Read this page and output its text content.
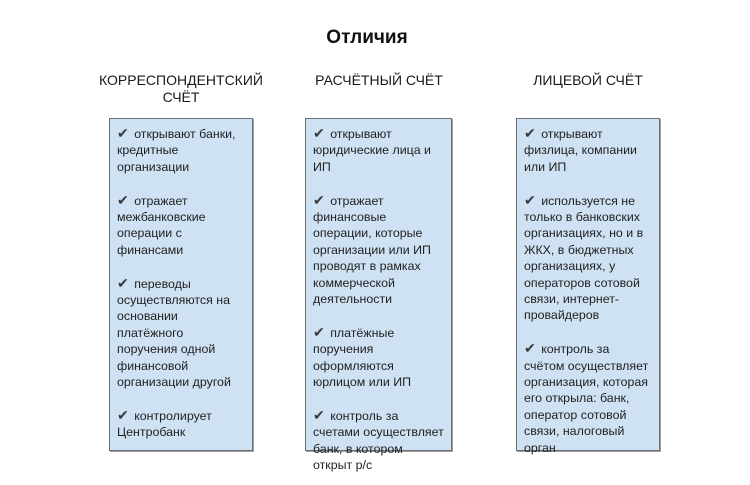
Отличия
КОРРЕСПОНДЕНТСКИЙ
СЧЁТ
РАСЧЁТНЫЙ СЧЁТ	ЛИЦЕВОЙ СЧЁТ
✔ открывают банки, кредитные организации
✔ отражает межбанковские операции с финансами
✔ переводы осуществляются на основании платёжного поручения одной финансовой организации другой
✔ контролирует Центробанк
✔ открывают юридические лица и ИП
✔ отражает финансовые операции, которые организации или ИП проводят в рамках коммерческой деятельности
✔ платёжные поручения оформляются юрлицом или ИП
✔ контроль за счетами осуществляет банк, в котором открыт р/с
✔ открывают физлица, компании или ИП
✔ используется не только в банковских организациях, но и в ЖКХ, в бюджетных организациях, у операторов сотовой связи, интернет-провайдеров
✔ контроль за счётом осуществляет организация, которая его открыла: банк, оператор сотовой связи, налоговый орган
